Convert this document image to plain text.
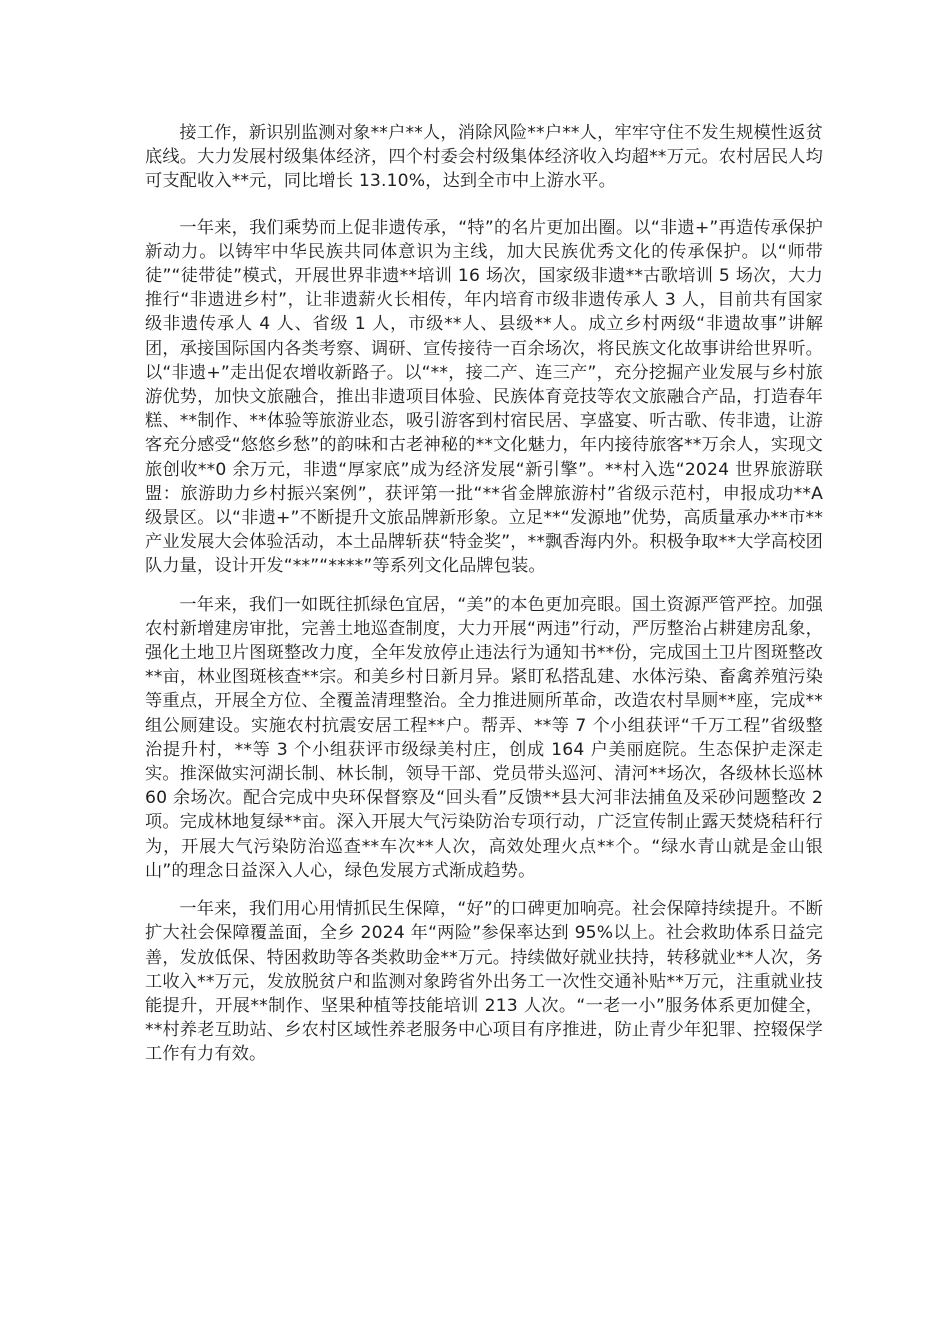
接工作，新识别监测对象**户**人，消除风险**户**人，牢牢守住不发生规模性返贫底线。大力发展村级集体经济，四个村委会村级集体经济收入均超**万元。农村居民人均可支配收入**元，同比增长 13.10%，达到全市中上游水平。

一年来，我们乘势而上促非遗传承，“特”的名片更加出圈。以“非遗+”再造传承保护新动力。以铸牢中华民族共同体意识为主线，加大民族优秀文化的传承保护。以“师带徒”“徒带徒”模式，开展世界非遗**培训 16 场次，国家级非遗**古歌培训 5 场次，大力推行“非遗进乡村”，让非遗薪火长相传，年内培育市级非遗传承人 3 人，目前共有国家级非遗传承人 4 人、省级 1 人，市级**人、县级**人。成立乡村两级“非遗故事”讲解团，承接国际国内各类考察、调研、宣传接待一百余场次，将民族文化故事讲给世界听。以“非遗+”走出促农增收新路子。以“**，接二产、连三产”，充分挖掘产业发展与乡村旅游优势，加快文旅融合，推出非遗项目体验、民族体育竞技等农文旅融合产品，打造春年糕、**制作、**体验等旅游业态，吸引游客到村宿民居、享盛宴、听古歌、传非遗，让游客充分感受“悠悠乡愁”的韵味和古老神秘的**文化魅力，年内接待旅客**万余人，实现文旅创收**0 余万元，非遗“厚家底”成为经济发展“新引擎”。**村入选“2024 世界旅游联盟：旅游助力乡村振兴案例”，获评第一批“**省金牌旅游村”省级示范村，申报成功**A 级景区。以“非遗+”不断提升文旅品牌新形象。立足**“发源地”优势，高质量承办**市**产业发展大会体验活动，本土品牌斩获“特金奖”，**飘香海内外。积极争取**大学高校团队力量，设计开发“**”“****”等系列文化品牌包装。

一年来，我们一如既往抓绿色宜居，“美”的本色更加亮眼。国土资源严管严控。加强农村新增建房审批，完善土地巡查制度，大力开展“两违”行动，严厉整治占耕建房乱象，强化土地卫片图斑整改力度，全年发放停止违法行为通知书**份，完成国土卫片图斑整改**亩，林业图斑核查**宗。和美乡村日新月异。紧盯私搭乱建、水体污染、畜禽养殖污染等重点，开展全方位、全覆盖清理整治。全力推进厕所革命，改造农村旱厕**座，完成**组公厕建设。实施农村抗震安居工程**户。帮弄、**等 7 个小组获评“千万工程”省级整治提升村，**等 3 个小组获评市级绿美村庄，创成 164 户美丽庭院。生态保护走深走实。推深做实河湖长制、林长制，领导干部、党员带头巡河、清河**场次，各级林长巡林 60 余场次。配合完成中央环保督察及“回头看”反馈**县大河非法捕鱼及采砂问题整改 2 项。完成林地复绿**亩。深入开展大气污染防治专项行动，广泛宣传制止露天焚烧秸秆行为，开展大气污染防治巡查**车次**人次，高效处理火点**个。“绿水青山就是金山银山”的理念日益深入人心，绿色发展方式渐成趋势。

一年来，我们用心用情抓民生保障，“好”的口碑更加响亮。社会保障持续提升。不断扩大社会保障覆盖面，全乡 2024 年“两险”参保率达到 95%以上。社会救助体系日益完善，发放低保、特困救助等各类救助金**万元。持续做好就业扶持，转移就业**人次，务工收入**万元，发放脱贫户和监测对象跨省外出务工一次性交通补贴**万元，注重就业技能提升，开展**制作、坚果种植等技能培训 213 人次。“一老一小”服务体系更加健全，**村养老互助站、乡农村区域性养老服务中心项目有序推进，防止青少年犯罪、控辍保学工作有力有效。
